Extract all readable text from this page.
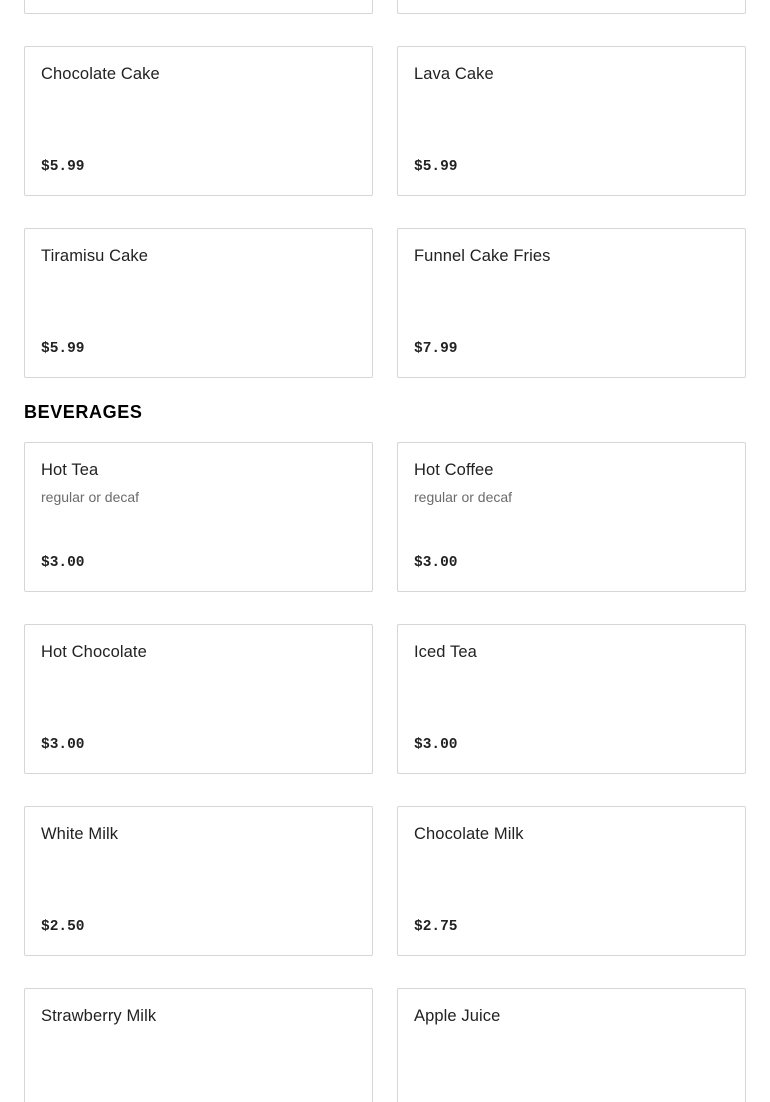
Chocolate Cake
$5.99
Lava Cake
$5.99
Tiramisu Cake
$5.99
Funnel Cake Fries
$7.99
BEVERAGES
Hot Tea
regular or decaf
$3.00
Hot Coffee
regular or decaf
$3.00
Hot Chocolate
$3.00
Iced Tea
$3.00
White Milk
$2.50
Chocolate Milk
$2.75
Strawberry Milk	Apple Juice
